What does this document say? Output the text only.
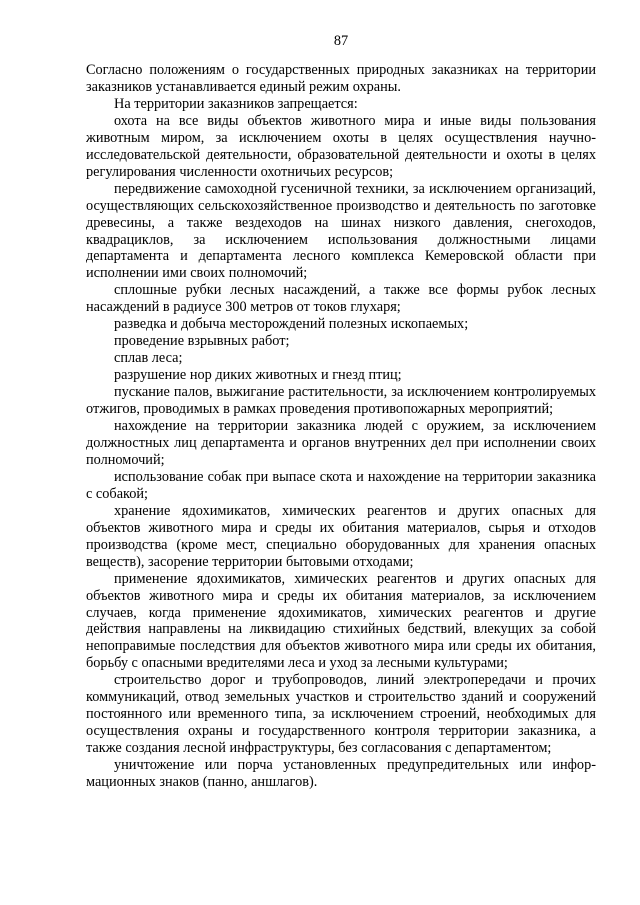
87

Согласно положениям о государственных природных заказниках на территории заказников устанавливается единый режим охраны.

На территории заказников запрещается:

охота на все виды объектов животного мира и иные виды пользования животным миром, за исключением охоты в целях осуществления научно-исследовательской деятельности, образовательной деятельности и охоты в целях регулирования численности охотничьих ресурсов;

передвижение самоходной гусеничной техники, за исключением организаций, осуществляющих сельскохозяйственное производство и деятельность по заготовке древесины, а также вездеходов на шинах низкого давления, снегоходов, квадрациклов, за исключением использования должностными лицами департамента и департамента лесного комплекса Кемеровской области при исполнении ими своих полномочий;

сплошные рубки лесных насаждений, а также все формы рубок лесных насаждений в радиусе 300 метров от токов глухаря;

разведка и добыча месторождений полезных ископаемых;

проведение взрывных работ;

сплав леса;

разрушение нор диких животных и гнезд птиц;

пускание палов, выжигание растительности, за исключением контролируемых отжигов, проводимых в рамках проведения противопожарных мероприятий;

нахождение на территории заказника людей с оружием, за исключением должностных лиц департамента и органов внутренних дел при исполнении своих полномочий;

использование собак при выпасе скота и нахождение на территории заказника с собакой;

хранение ядохимикатов, химических реагентов и других опасных для объектов животного мира и среды их обитания материалов, сырья и отходов производства (кроме мест, специально оборудованных для хранения опасных веществ), засорение территории бытовыми отходами;

применение ядохимикатов, химических реагентов и других опасных для объектов животного мира и среды их обитания материалов, за исключением случаев, когда применение ядохимикатов, химических реагентов и другие действия направлены на ликвидацию стихийных бедствий, влекущих за собой непоправимые последствия для объектов животного мира или среды их обитания, борьбу с опасными вредителями леса и уход за лесными культурами;

строительство дорог и трубопроводов, линий электропередачи и прочих коммуникаций, отвод земельных участков и строительство зданий и сооружений постоянного или временного типа, за исключением строений, необходимых для осуществления охраны и государственного контроля территории заказника, а также создания лесной инфраструктуры, без согласования с департаментом;

уничтожение или порча установленных предупредительных или информационных знаков (панно, аншлагов).
